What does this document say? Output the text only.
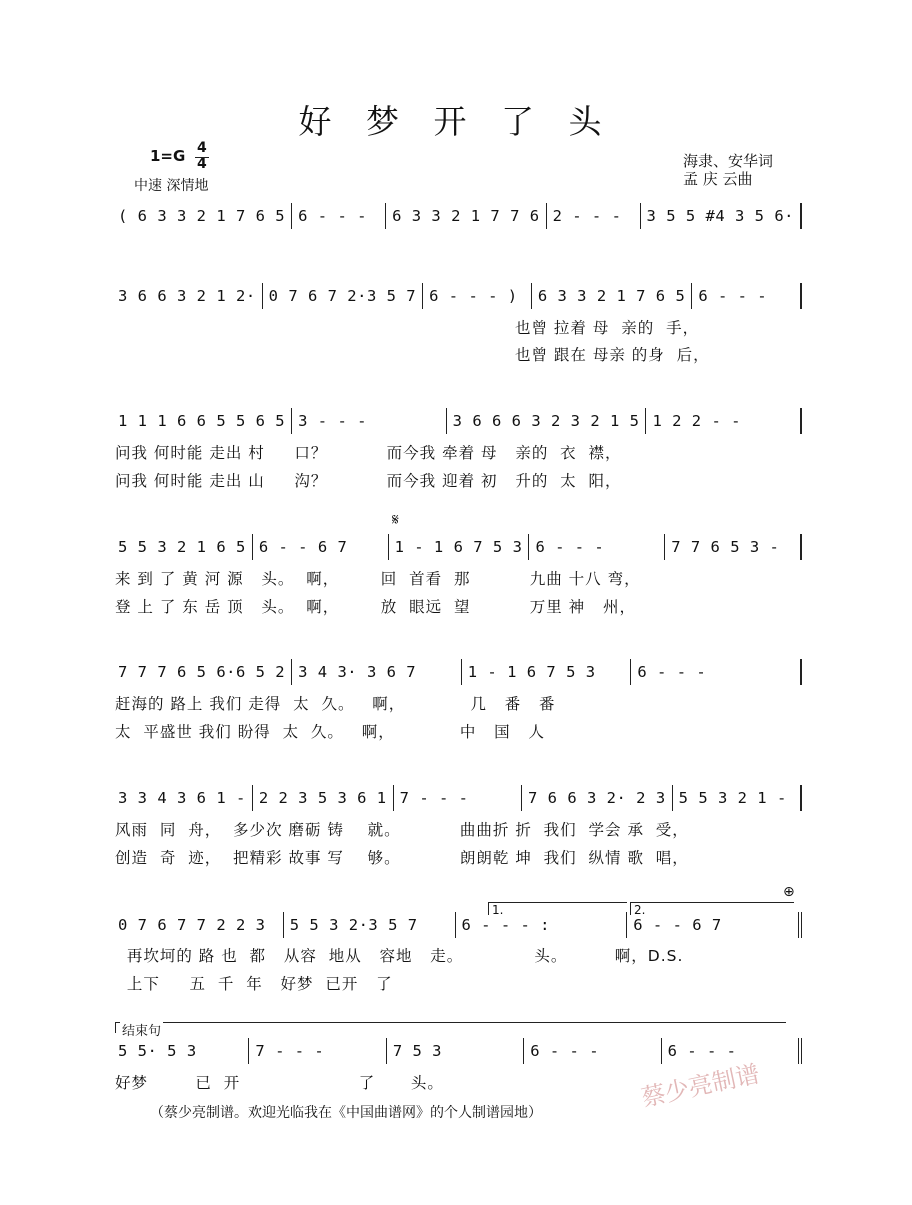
好 梦 开 了 头
1=G 4
4
中速 深情地
海隶、安华词
孟 庆 云曲
( 6 3 3 2 1 7 6 5 6 - - -	6 3 3 2 1 7 7 6 2 - - -	3 5 5 #4 3 5 6·
3 6 6 3 2 1 2· 0 7 6 7 2·3 5 7 6 - - - )	6 3 3 2 1 7 6 5 6 - - -
也曾 拉着 母  亲的  手，
也曾 跟在 母亲 的身  后，
1 1 1 6 6 5 5 6 5 3 - - -	3 6 6 6 3 2 3 2 1 5 1 2 2 - -
问我 何时能 走出 村     口？          而今我 牵着 母   亲的  衣  襟，
问我 何时能 走出 山     沟？          而今我 迎着 初   升的  太  阳，
𝄋
5 5 3 2 1 6 5 6 - - 6 7	1 - 1 6 7 5 3 6 - - -	7 7 6 5 3 -
来 到 了 黄 河 源   头。  啊，       回  首看  那          九曲 十八 弯，
登 上 了 东 岳 顶   头。  啊，       放  眼远  望          万里 神   州，
7 7 7 6 5 6·6 5 2 3 4 3· 3 6 7	1 - 1 6 7 5 3	6 - - -
赶海的 路上 我们 走得  太  久。   啊，           几   番   番
太  平盛世 我们 盼得  太  久。   啊，           中   国   人
3 3 4 3 6 1 - 2 2 3 5 3 6 1 7 - - -	7 6 6 3 2· 2 3 5 5 3 2 1 -
风雨  同  舟，  多少次 磨砺 铸    就。          曲曲折 折  我们  学会 承  受，
创造  奇  迹，  把精彩 故事 写    够。          朗朗乾 坤  我们  纵情 歌  唱，
1.	2.
⊕
0 7 6 7 7 2 2 3	5 5 3 2·3 5 7	6 - - - :	6 - - 6 7
再坎坷的 路 也  都   从容  地从   容地   走。            头。        啊，D.S.
上下     五  千  年   好梦  已开   了
结束句
5 5· 5 3	7 - - -	7 5 3	6 - - -	6 - - -
好梦        已  开                    了      头。	蔡少亮制谱
（蔡少亮制谱。欢迎光临我在《中国曲谱网》的个人制谱园地）
